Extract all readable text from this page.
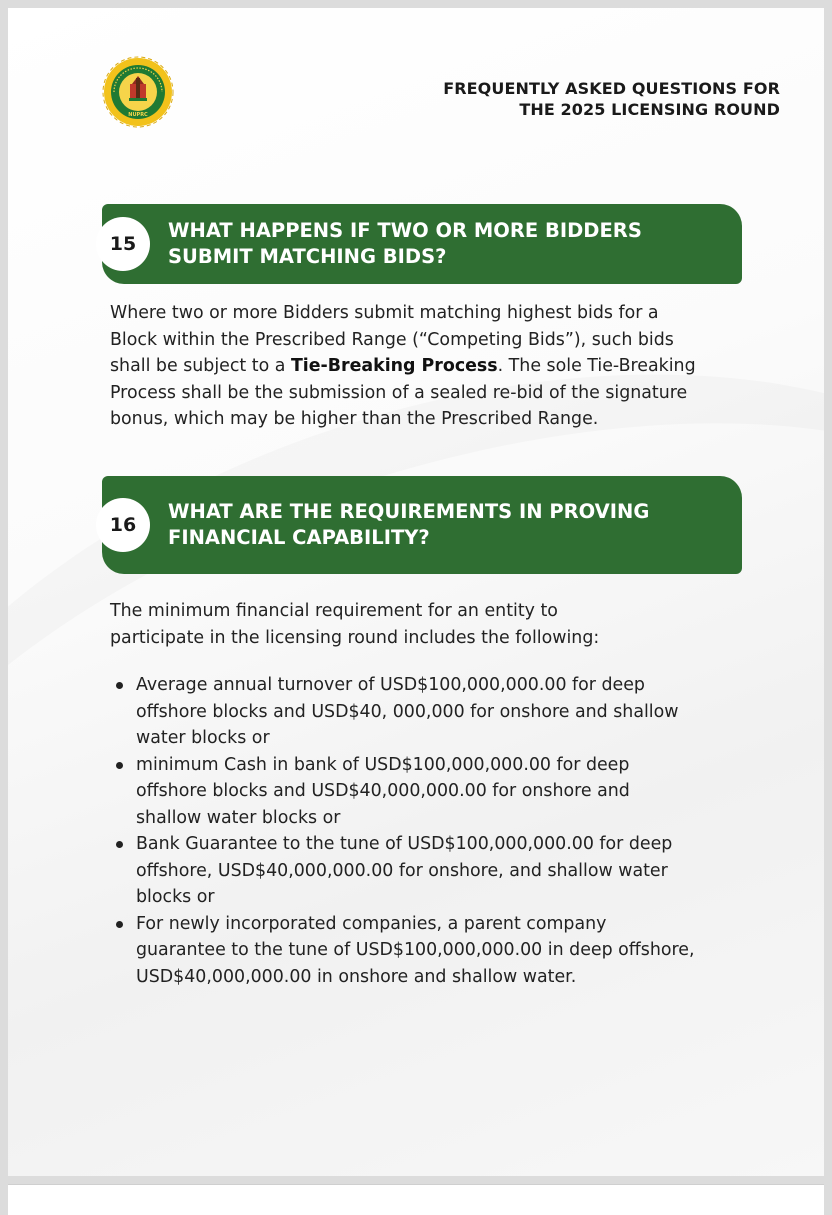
NUPRC
FREQUENTLY ASKED QUESTIONS FOR
THE 2025 LICENSING ROUND
15
WHAT HAPPENS IF TWO OR MORE BIDDERS
SUBMIT MATCHING BIDS?
Where two or more Bidders submit matching highest bids for a
Block within the Prescribed Range (“Competing Bids”), such bids
shall be subject to a Tie-Breaking Process. The sole Tie-Breaking
Process shall be the submission of a sealed re-bid of the signature
bonus, which may be higher than the Prescribed Range.
16
WHAT ARE THE REQUIREMENTS IN PROVING
FINANCIAL CAPABILITY?
The minimum financial requirement for an entity to
participate in the licensing round includes the following:
Average annual turnover of USD$100,000,000.00 for deep
offshore blocks and USD$40, 000,000 for onshore and shallow
water blocks or
minimum Cash in bank of USD$100,000,000.00 for deep
offshore blocks and USD$40,000,000.00 for onshore and
shallow water blocks or
Bank Guarantee to the tune of USD$100,000,000.00 for deep
offshore, USD$40,000,000.00 for onshore, and shallow water
blocks or
For newly incorporated companies, a parent company
guarantee to the tune of USD$100,000,000.00 in deep offshore,
USD$40,000,000.00 in onshore and shallow water.
